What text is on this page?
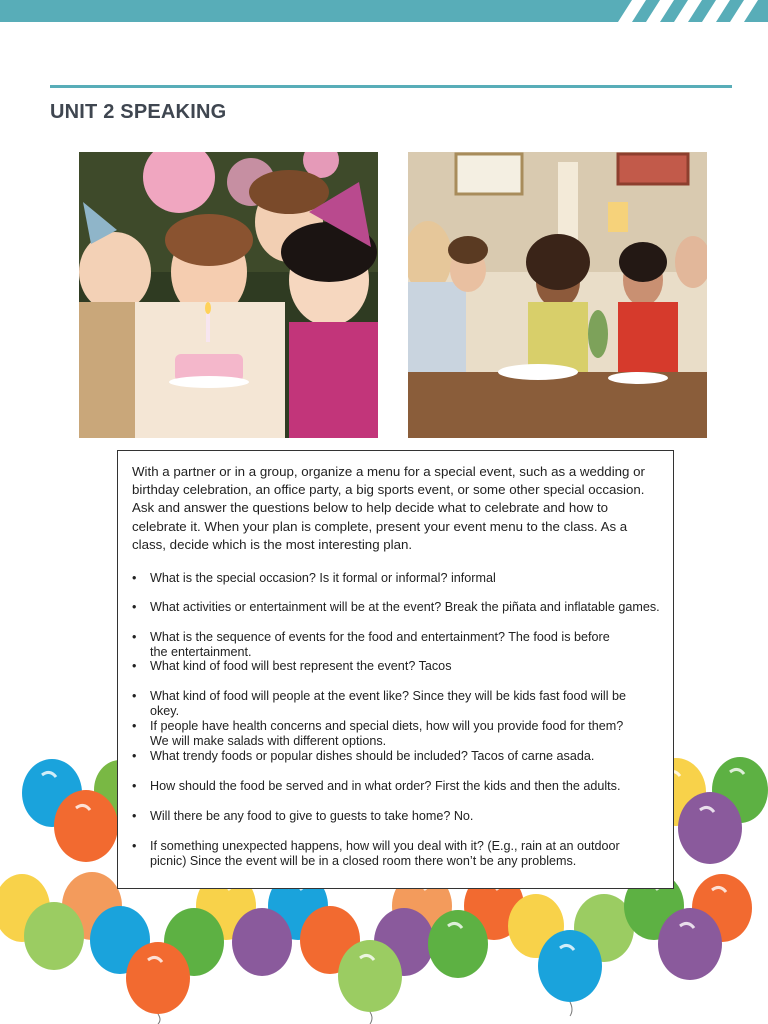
UNIT 2 SPEAKING
With a partner or in a group, organize a menu for a special event, such as a wedding or birthday celebration, an office party, a big sports event, or some other special occasion. Ask and answer the questions below to help decide what to celebrate and how to celebrate it. When your plan is complete, present your event menu to the class. As a class, decide which is the most interesting plan.
•	What is the special occasion? Is it formal or informal? informal
•	What activities or entertainment will be at the event? Break the piñata and inflatable games.
•	What is the sequence of events for the food and entertainment? The food is before
the entertainment.
•	What kind of food will best represent the event? Tacos
•	What kind of food will people at the event like? Since they will be kids fast food will be
okey.
•	If people have health concerns and special diets, how will you provide food for them?
We will make salads with different options.
•	What trendy foods or popular dishes should be included? Tacos of carne asada.
•	How should the food be served and in what order? First the kids and then the adults.
•	Will there be any food to give to guests to take home? No.
•	If something unexpected happens, how will you deal with it? (E.g., rain at an outdoor
picnic) Since the event will be in a closed room there won’t be any problems.
